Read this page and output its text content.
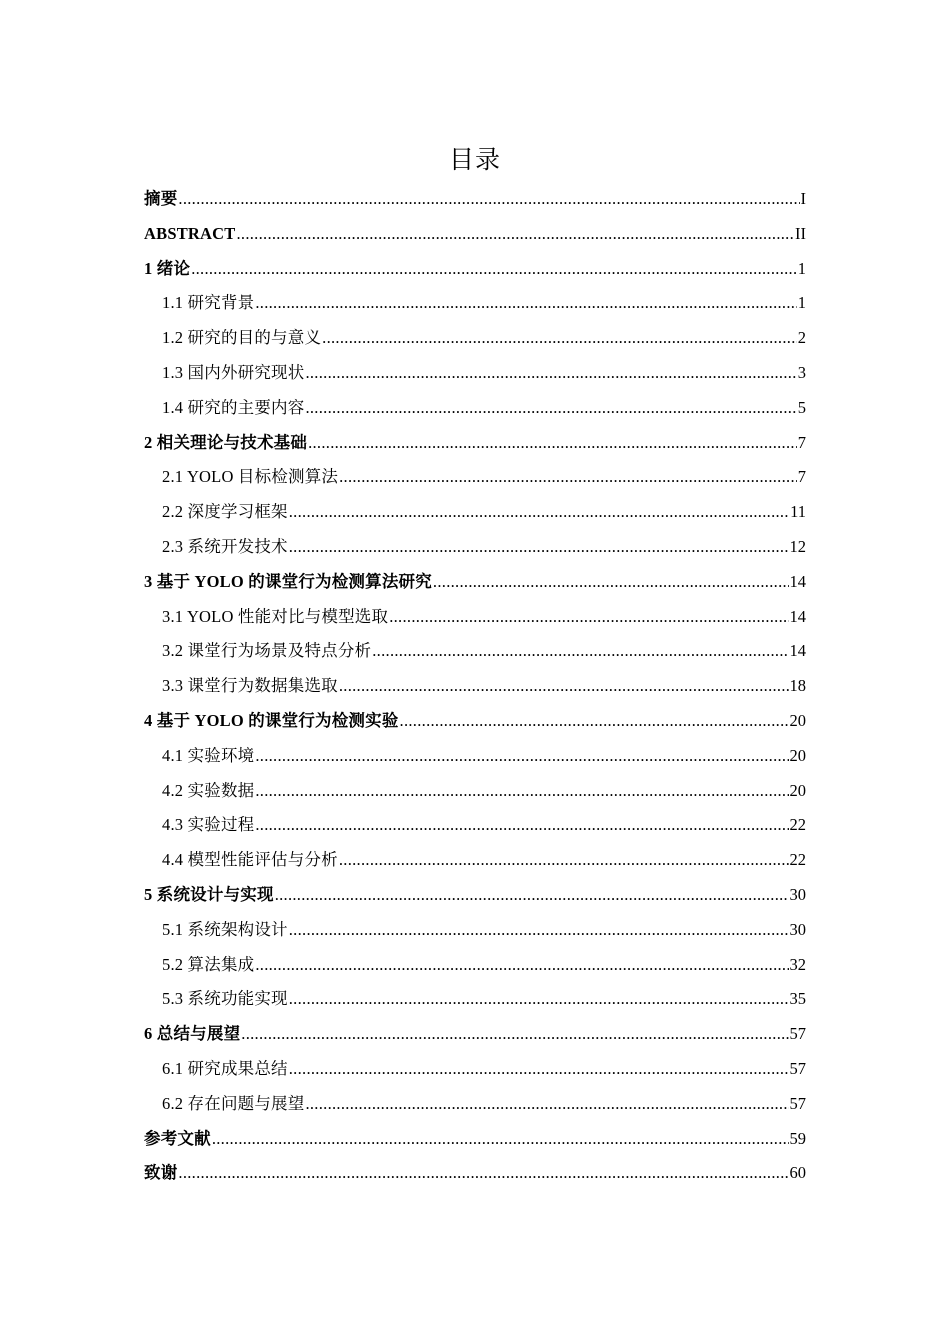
目录
摘要 .....	I
ABSTRACT .....	II
1 绪论 .....	1
1.1 研究背景 .....	1
1.2 研究的目的与意义 .....	2
1.3 国内外研究现状 .....	3
1.4 研究的主要内容 .....	5
2 相关理论与技术基础 .....	7
2.1 YOLO 目标检测算法 .....	7
2.2 深度学习框架 .....	11
2.3 系统开发技术 .....	12
3 基于 YOLO 的课堂行为检测算法研究 .....	14
3.1 YOLO 性能对比与模型选取 .....	14
3.2 课堂行为场景及特点分析 .....	14
3.3 课堂行为数据集选取 .....	18
4 基于 YOLO 的课堂行为检测实验 .....	20
4.1 实验环境 .....	20
4.2 实验数据 .....	20
4.3 实验过程 .....	22
4.4 模型性能评估与分析 .....	22
5 系统设计与实现 .....	30
5.1 系统架构设计 .....	30
5.2 算法集成 .....	32
5.3 系统功能实现 .....	35
6 总结与展望 .....	57
6.1 研究成果总结 .....	57
6.2 存在问题与展望 .....	57
参考文献 .....	59
致谢 .....	60
